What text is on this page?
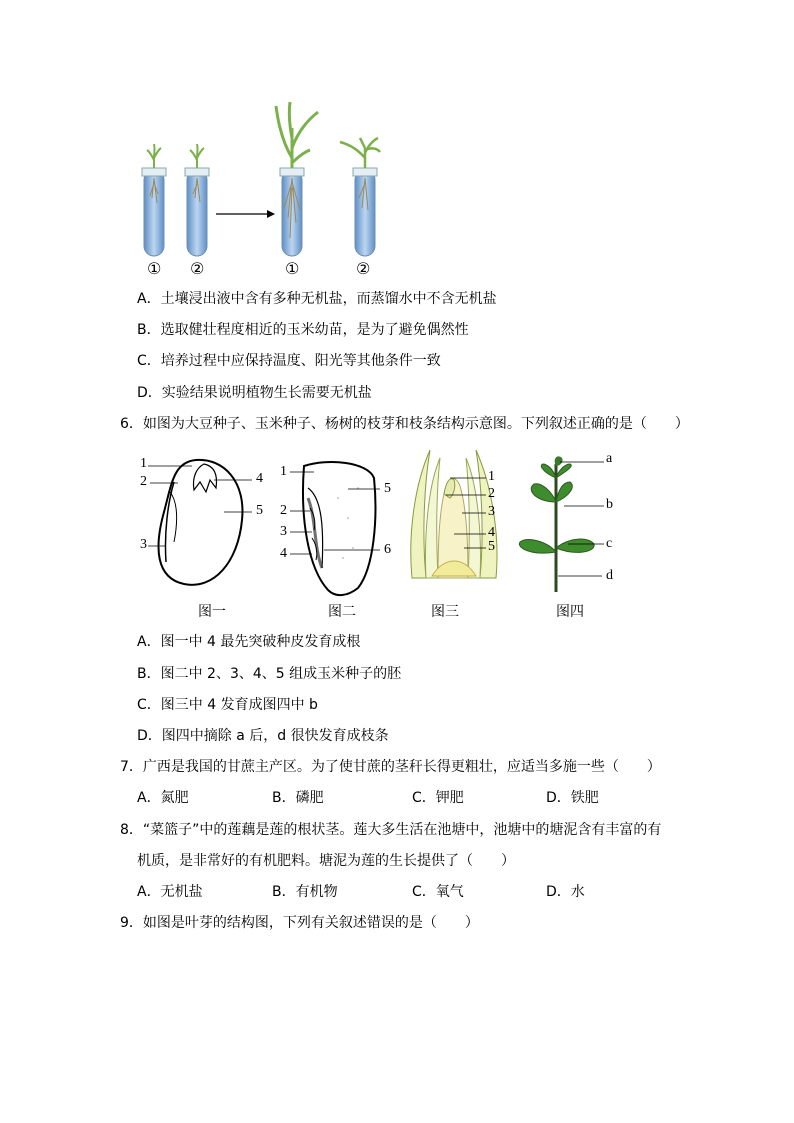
① ②	①	②
A．土壤浸出液中含有多种无机盐，而蒸馏水中不含无机盐
B．选取健壮程度相近的玉米幼苗，是为了避免偶然性
C．培养过程中应保持温度、阳光等其他条件一致
D．实验结果说明植物生长需要无机盐
6．如图为大豆种子、玉米种子、杨树的枝芽和枝条结构示意图。下列叙述正确的是（　　）
1
2
3
4
5
图一
1
2
3
4
5
6
图二
1
2
3
4
5
图三
a
b
c
d
图四
A．图一中 4 最先突破种皮发育成根
B．图二中 2、3、4、5 组成玉米种子的胚
C．图三中 4 发育成图四中 b
D．图四中摘除 a 后，d 很快发育成枝条
7．广西是我国的甘蔗主产区。为了使甘蔗的茎秆长得更粗壮，应适当多施一些（　　）
A．氮肥	B．磷肥	C．钾肥	D．铁肥
8．“菜篮子”中的莲藕是莲的根状茎。莲大多生活在池塘中，池塘中的塘泥含有丰富的有
机质，是非常好的有机肥料。塘泥为莲的生长提供了（　　）
A．无机盐	B．有机物	C．氧气	D．水
9．如图是叶芽的结构图，下列有关叙述错误的是（　　）
